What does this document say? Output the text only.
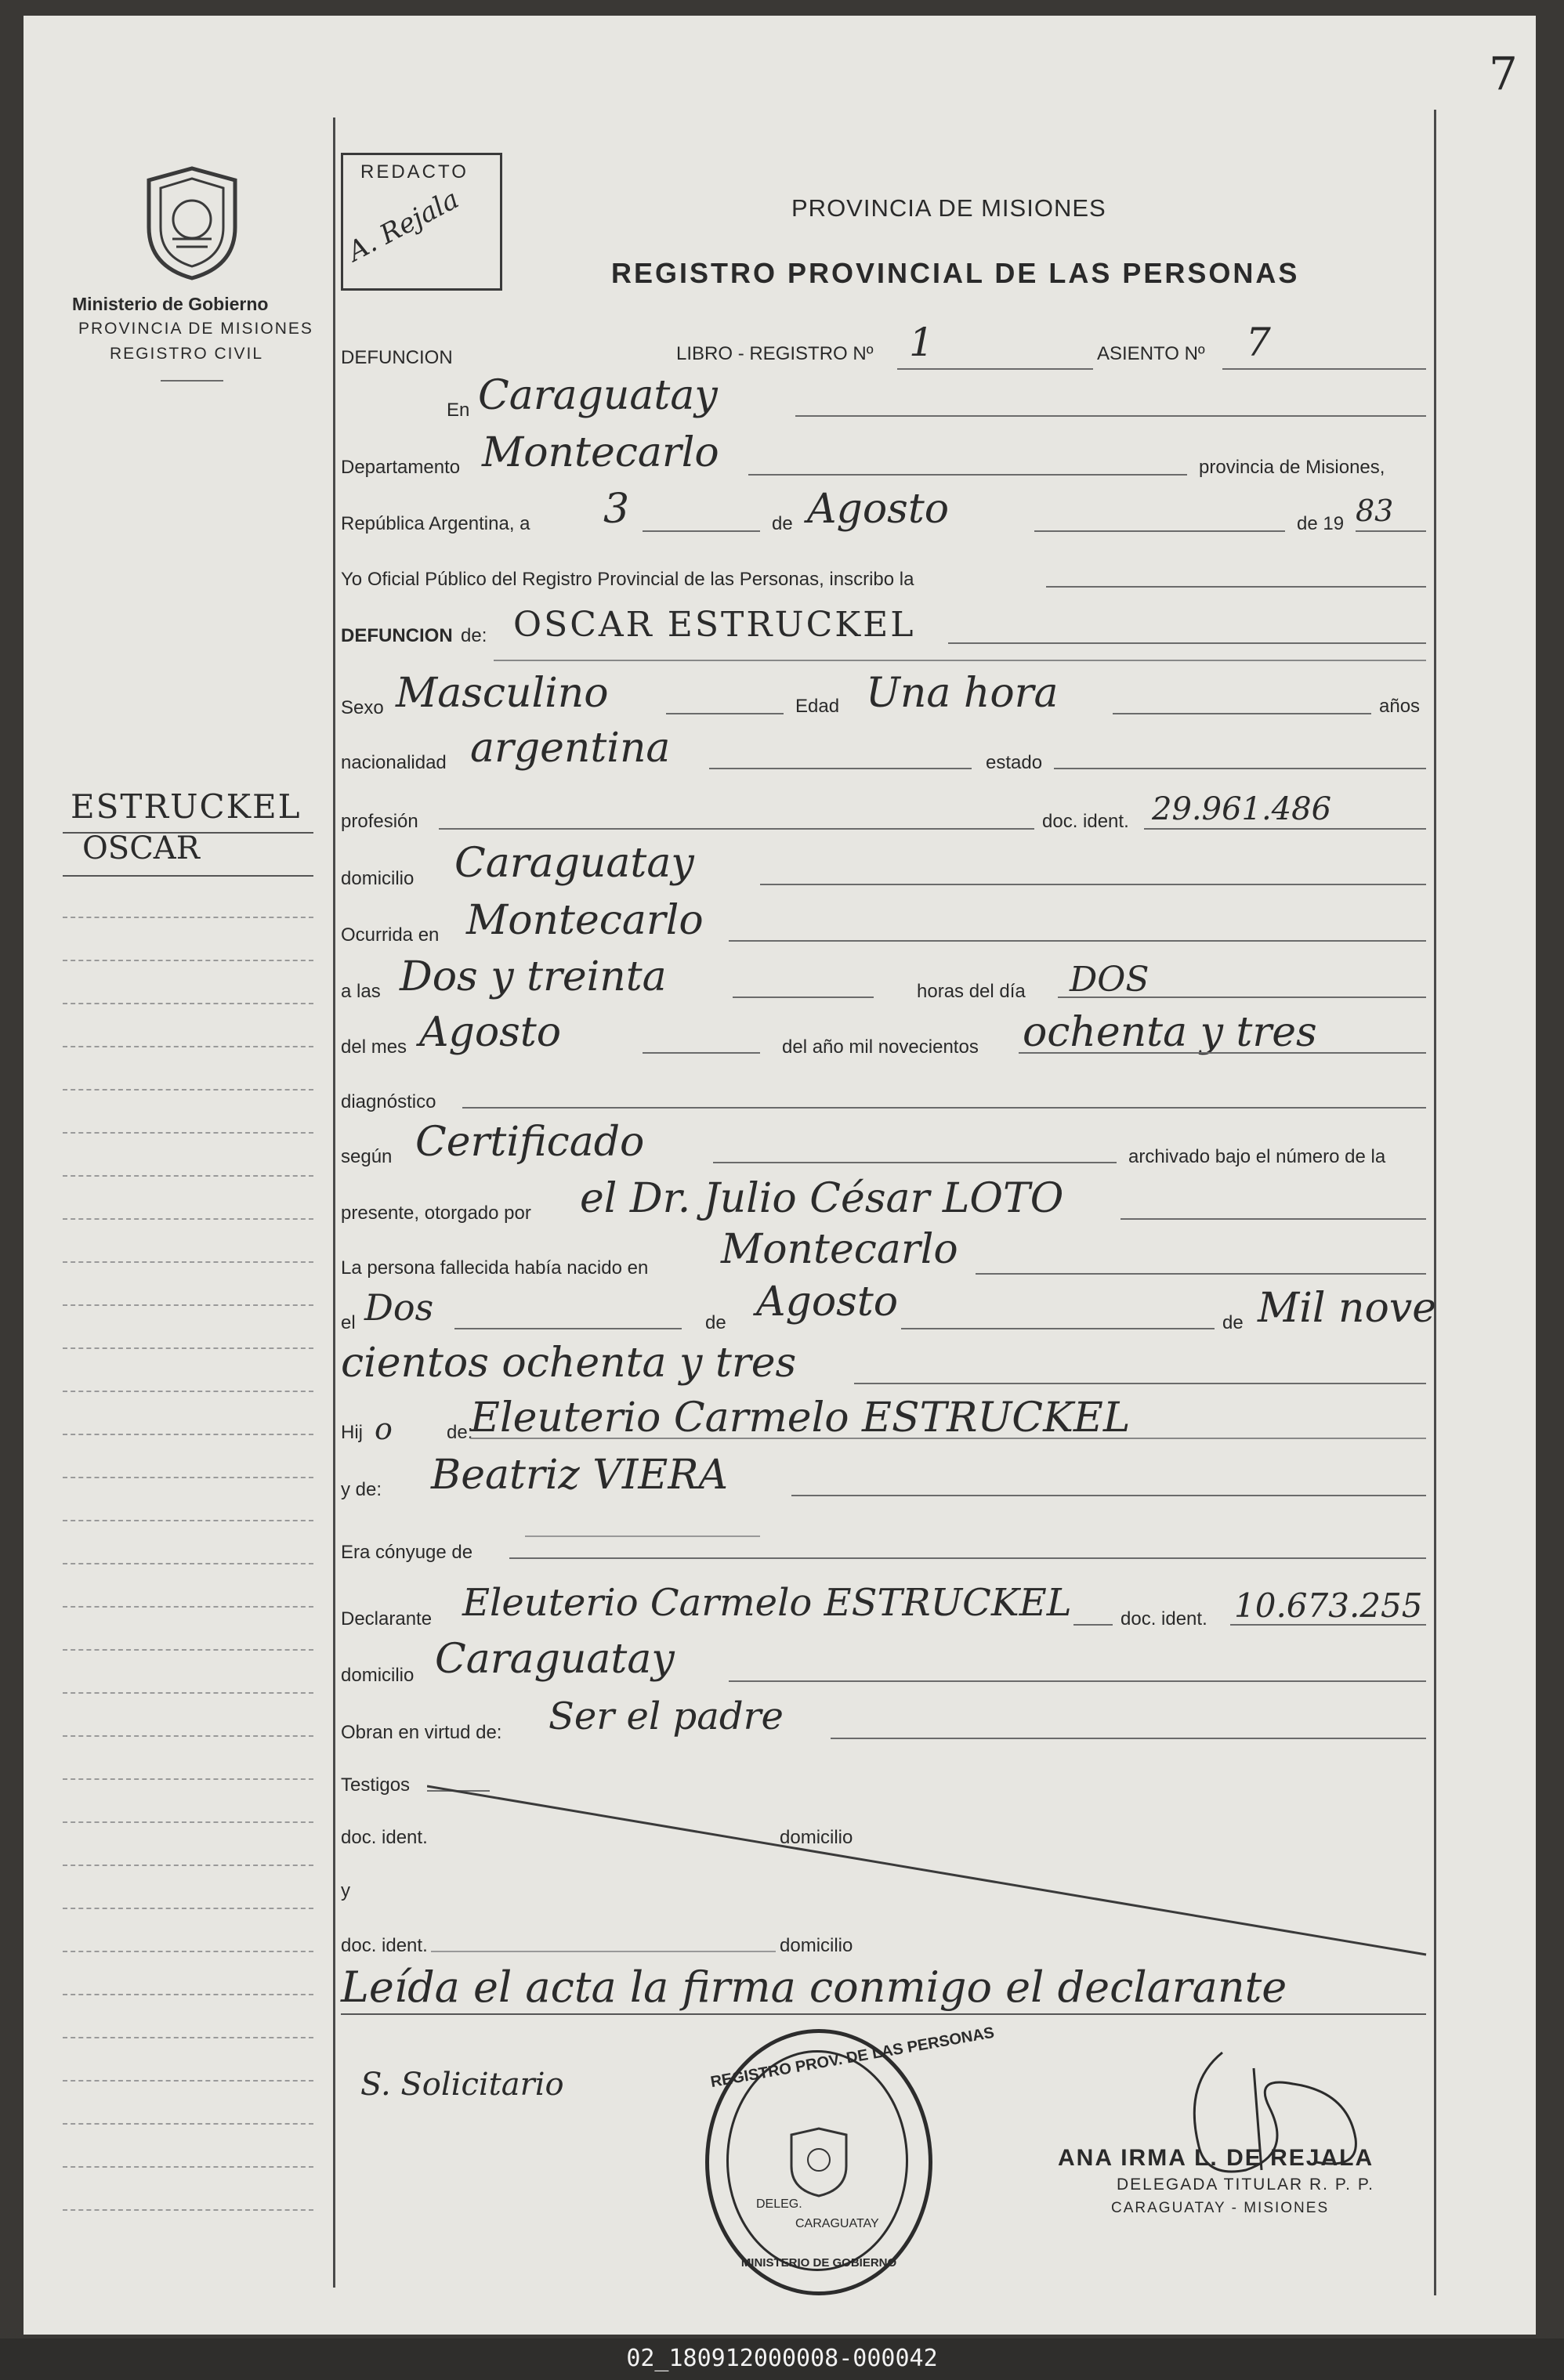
7
Ministerio de Gobierno
PROVINCIA DE MISIONES
REGISTRO CIVIL
REDACTO
A. Rejala	PROVINCIA DE MISIONES
REGISTRO PROVINCIAL DE LAS PERSONAS
DEFUNCION	LIBRO - REGISTRO Nº 1	ASIENTO Nº 7
ESTRUCKEL
OSCAR
S. Solicitario
En Caraguatay
Departamento Montecarlo	provincia de Misiones,
República Argentina, a 3	de Agosto	de 19 83
Yo Oficial Público del Registro Provincial de las Personas, inscribo la
DEFUNCION de: OSCAR ESTRUCKEL
Sexo Masculino	Edad Una hora	años
nacionalidad argentina	estado
profesión	doc. ident. 29.961.486
domicilio Caraguatay
Ocurrida en Montecarlo
a las Dos y treinta	horas del día DOS
del mes Agosto	del año mil novecientos ochenta y tres
diagnóstico
según Certificado	archivado bajo el número de la
presente, otorgado por el Dr. Julio César LOTO
La persona fallecida había nacido en Montecarlo
el Dos	de Agosto	de Mil nove
cientos ochenta y tres
Hij o	de:
Eleuterio Carmelo ESTRUCKEL
y de: Beatriz VIERA
Era cónyuge de
Declarante Eleuterio Carmelo ESTRUCKEL	doc. ident. 10.673.255
domicilio Caraguatay
Obran en virtud de: Ser el padre
Testigos
doc. ident.	domicilio
y
doc. ident.	domicilio
Leída el acta la firma conmigo el declarante
REGISTRO PROV. DE LAS PERSONAS
DELEG.
CARAGUATAY
MINISTERIO DE GOBIERNO
ANA IRMA L. DE REJALA
DELEGADA TITULAR R. P. P.
CARAGUATAY - MISIONES
02_180912000008-000042
